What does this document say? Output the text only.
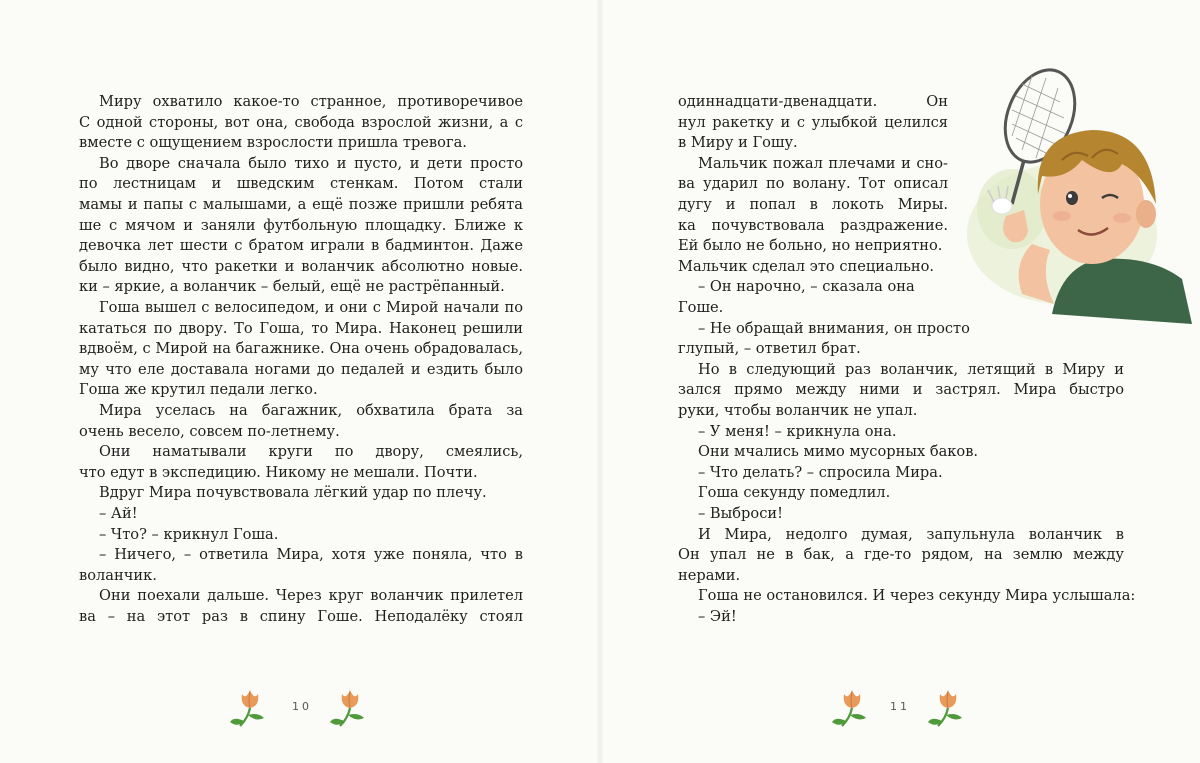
Миру охватило какое-то странное, противоречивое
С одной стороны, вот она, свобода взрослой жизни, а с
вместе с ощущением взрослости пришла тревога.
Во дворе сначала было тихо и пусто, и дети просто
по лестницам и шведским стенкам. Потом стали
мамы и папы с малышами, а ещё позже пришли ребята
ше с мячом и заняли футбольную площадку. Ближе к
девочка лет шести с братом играли в бадминтон. Даже
было видно, что ракетки и воланчик абсолютно новые.
ки – яркие, а воланчик – белый, ещё не растрёпанный.
Гоша вышел с велосипедом, и они с Мирой начали по
кататься по двору. То Гоша, то Мира. Наконец решили
вдвоём, с Мирой на багажнике. Она очень обрадовалась,
му что еле доставала ногами до педалей и ездить было
Гоша же крутил педали легко.
Мира уселась на багажник, обхватила брата за
очень весело, совсем по-летнему.
Они наматывали круги по двору, смеялись,
что едут в экспедицию. Никому не мешали. Почти.
Вдруг Мира почувствовала лёгкий удар по плечу.
– Ай!
– Что? – крикнул Гоша.
– Ничего, – ответила Мира, хотя уже поняла, что в
воланчик.
Они поехали дальше. Через круг воланчик прилетел
ва – на этот раз в спину Гоше. Неподалёку стоял
10
одиннадцати-двенадцати. Он
нул ракетку и с улыбкой целился
в Миру и Гошу.
Мальчик пожал плечами и сно-
ва ударил по волану. Тот описал
дугу и попал в локоть Миры.
ка почувствовала раздражение.
Ей было не больно, но неприятно.
Мальчик сделал это специально.
– Он нарочно, – сказала она
Гоше.
– Не обращай внимания, он просто
глупый, – ответил брат.
Но в следующий раз воланчик, летящий в Миру и
зался прямо между ними и застрял. Мира быстро
руки, чтобы воланчик не упал.
– У меня! – крикнула она.
Они мчались мимо мусорных баков.
– Что делать? – спросила Мира.
Гоша секунду помедлил.
– Выброси!
И Мира, недолго думая, запульнула воланчик в
Он упал не в бак, а где-то рядом, на землю между
нерами.
Гоша не остановился. И через секунду Мира услышала:
– Эй!
11
